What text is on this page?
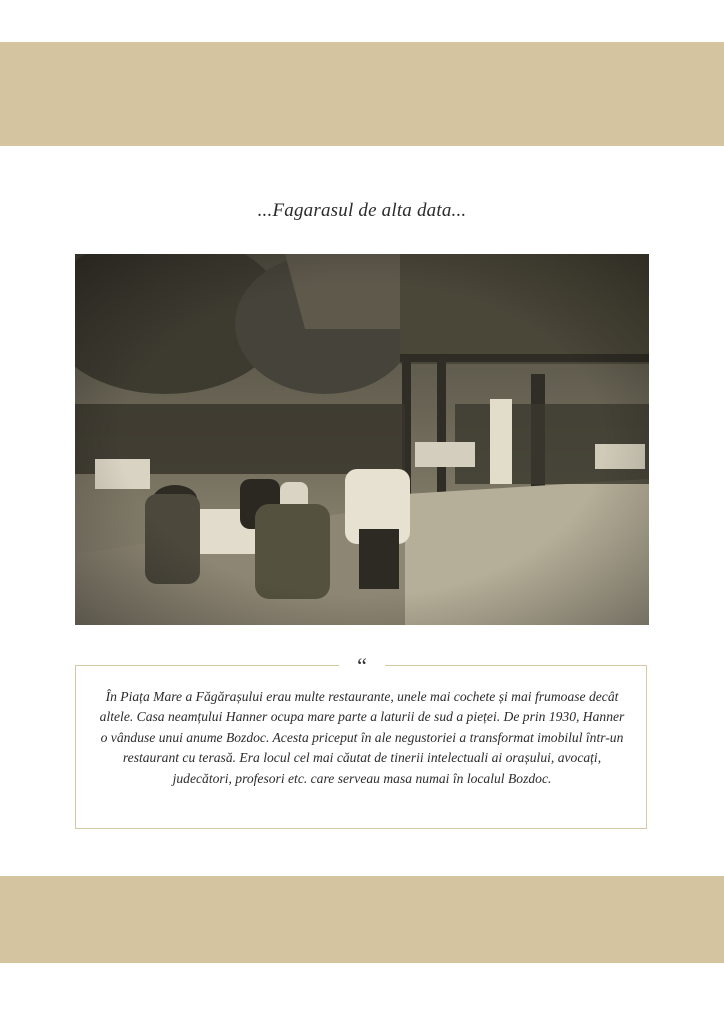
...Fagarasul de alta data...
“
În Piața Mare a Făgărașului erau multe restaurante, unele mai cochete și mai frumoase decât altele. Casa neamțului Hanner ocupa mare parte a laturii de sud a pieței. De prin 1930, Hanner o vânduse unui anume Bozdoc. Acesta priceput în ale negustoriei a transformat imobilul într-un restaurant cu terasă. Era locul cel mai căutat de tinerii intelectuali ai orașului, avocați, judecători, profesori etc. care serveau masa numai în localul Bozdoc.
